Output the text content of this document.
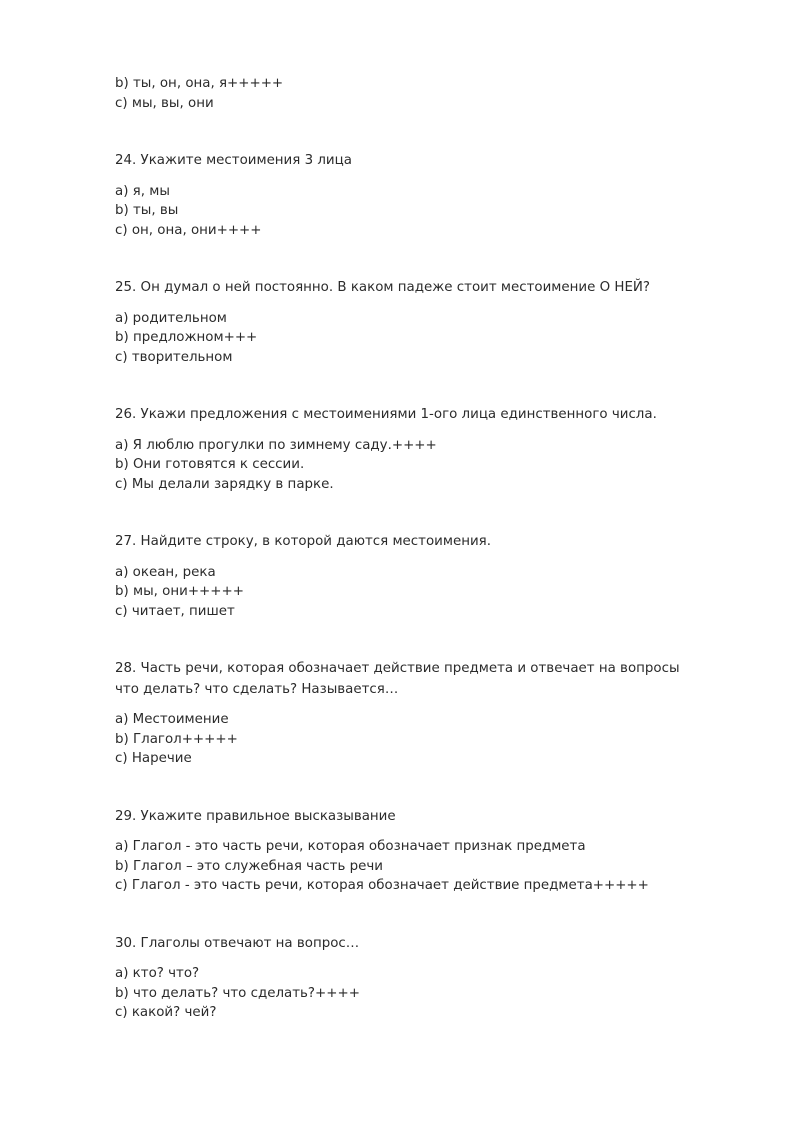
b) ты, он, она, я+++++
c) мы, вы, они
24. Укажите местоимения 3 лица
a) я, мы
b) ты, вы
c) он, она, они++++
25. Он думал о ней постоянно. В каком падеже стоит местоимение О НЕЙ?
a) родительном
b) предложном+++
c) творительном
26. Укажи предложения с местоимениями 1-ого лица единственного числа.
a) Я люблю прогулки по зимнему саду.++++
b) Они готовятся к сессии.
c) Мы делали зарядку в парке.
27. Найдите строку, в которой даются местоимения.
a) океан, река
b) мы, они+++++
c) читает, пишет
28. Часть речи, которая обозначает действие предмета и отвечает на вопросы что делать? что сделать? Называется…
a) Местоимение
b) Глагол+++++
c) Наречие
29. Укажите правильное высказывание
a) Глагол - это часть речи, которая обозначает признак предмета
b) Глагол – это служебная часть речи
c) Глагол - это часть речи, которая обозначает действие предмета+++++
30. Глаголы отвечают на вопрос…
a) кто? что?
b) что делать? что сделать?++++
c) какой? чей?
